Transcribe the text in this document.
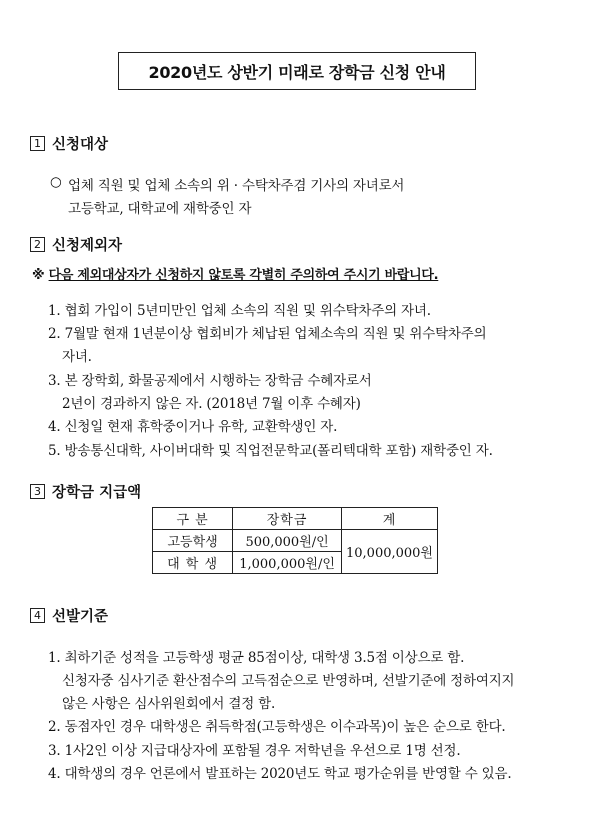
2020년도 상반기 미래로 장학금 신청 안내
1 신청대상
○ 업체 직원 및 업체 소속의 위 · 수탁차주겸 기사의 자녀로서
고등학교, 대학교에 재학중인 자
2 신청제외자
※ 다음 제외대상자가 신청하지 않토록 각별히 주의하여 주시기 바랍니다.
1. 협회 가입이 5년미만인 업체 소속의 직원 및 위수탁차주의 자녀.
2. 7월말 현재 1년분이상 협회비가 체납된 업체소속의 직원 및 위수탁차주의
자녀.
3. 본 장학회, 화물공제에서 시행하는 장학금 수혜자로서
2년이 경과하지 않은 자. (2018년 7월 이후 수혜자)
4. 신청일 현재 휴학중이거나 유학, 교환학생인 자.
5. 방송통신대학, 사이버대학 및 직업전문학교(폴리텍대학 포함) 재학중인 자.
3 장학금 지급액
구 분	장학금	계
고등학생	500,000원/인	10,000,000원
대 학 생	1,000,000원/인	
4 선발기준
1. 최하기준 성적을 고등학생 평균 85점이상, 대학생 3.5점 이상으로 함.
신청자중 심사기준 환산점수의 고득점순으로 반영하며, 선발기준에 정하여지지
않은 사항은 심사위원회에서 결정 함.
2. 동점자인 경우 대학생은 취득학점(고등학생은 이수과목)이 높은 순으로 한다.
3. 1사2인 이상 지급대상자에 포함될 경우 저학년을 우선으로 1명 선정.
4. 대학생의 경우 언론에서 발표하는 2020년도 학교 평가순위를 반영할 수 있음.
